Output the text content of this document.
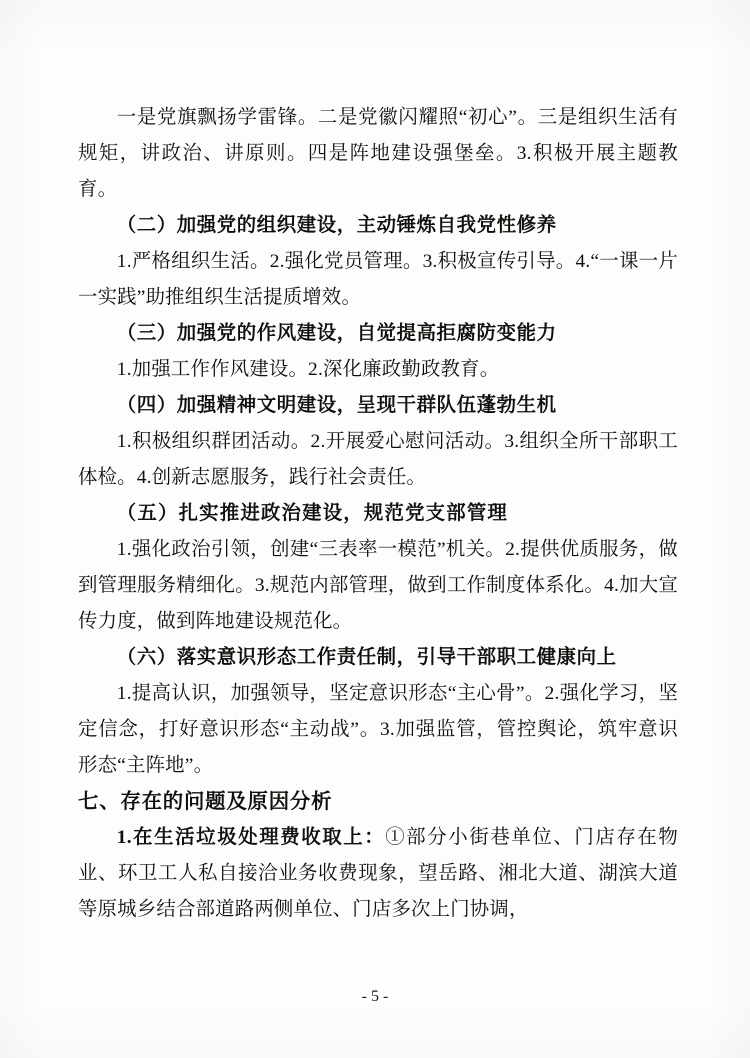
一是党旗飘扬学雷锋。二是党徽闪耀照“初心”。三是组织生活有规矩，讲政治、讲原则。四是阵地建设强堡垒。3.积极开展主题教育。

（二）加强党的组织建设，主动锤炼自我党性修养

1.严格组织生活。2.强化党员管理。3.积极宣传引导。4.“一课一片一实践”助推组织生活提质增效。

（三）加强党的作风建设，自觉提高拒腐防变能力

1.加强工作作风建设。2.深化廉政勤政教育。

（四）加强精神文明建设，呈现干群队伍蓬勃生机

1.积极组织群团活动。2.开展爱心慰问活动。3.组织全所干部职工体检。4.创新志愿服务，践行社会责任。

（五）扎实推进政治建设，规范党支部管理

1.强化政治引领，创建“三表率一模范”机关。2.提供优质服务，做到管理服务精细化。3.规范内部管理，做到工作制度体系化。4.加大宣传力度，做到阵地建设规范化。

（六）落实意识形态工作责任制，引导干部职工健康向上

1.提高认识，加强领导，坚定意识形态“主心骨”。2.强化学习，坚定信念，打好意识形态“主动战”。3.加强监管，管控舆论，筑牢意识形态“主阵地”。

七、存在的问题及原因分析

1.在生活垃圾处理费收取上：①部分小街巷单位、门店存在物业、环卫工人私自接洽业务收费现象，望岳路、湘北大道、湖滨大道等原城乡结合部道路两侧单位、门店多次上门协调，

- 5 -
